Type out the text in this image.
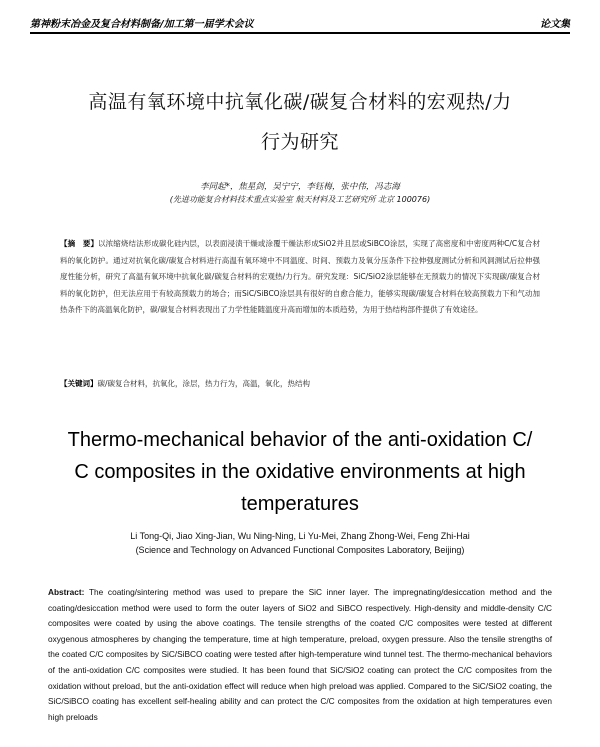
第神粉末冶金及复合材料制备/加工第一届学术会议	论文集
高温有氧环境中抗氧化碳/碳复合材料的宏观热/力
行为研究
李同起*，焦星剑，吴宁宁，李钰梅，张中伟，冯志海
(先进功能复合材料技术重点实验室 航天材料及工艺研究所 北京 100076)
【摘　要】以浓缩烧结法形成碳化硅内层，以表面浸渍干燥或涂覆干燥法形成SiO2并且层或SiBCO涂层，实现了高密度和中密度两种C/C复合材料的氧化防护。通过对抗氧化碳/碳复合材料进行高温有氧环境中不同温度、时间、预载力及氧分压条件下拉伸强度测试分析和风洞测试后拉伸强度性能分析，研究了高温有氧环境中抗氧化碳/碳复合材料的宏观热/力行为。研究发现：SiC/SiO2涂层能够在无预载力的情况下实现碳/碳复合材料的氧化防护，但无法应用于有较高预载力的场合；而SiC/SiBCO涂层具有很好的自愈合能力，能够实现碳/碳复合材料在较高预载力下和气动加热条件下的高温氧化防护，碳/碳复合材料表现出了力学性能随温度升高而增加的本质趋势，为用于热结构部件提供了有效途径。
【关键词】碳/碳复合材料，抗氧化，涂层，热力行为，高温，氧化，热结构
Thermo-mechanical behavior of the anti-oxidation C/
C composites in the oxidative environments at high
temperatures
Li Tong-Qi, Jiao Xing-Jian, Wu Ning-Ning, Li Yu-Mei, Zhang Zhong-Wei, Feng Zhi-Hai
(Science and Technology on Advanced Functional Composites Laboratory, Beijing)
Abstract: The coating/sintering method was used to prepare the SiC inner layer. The impregnating/desiccation method and the coating/desiccation method were used to form the outer layers of SiO2 and SiBCO respectively. High-density and middle-density C/C composites were coated by using the above coatings. The tensile strengths of the coated C/C composites were tested at different oxygenous atmospheres by changing the temperature, time at high temperature, preload, oxygen pressure. Also the tensile strengths of the coated C/C composites by SiC/SiBCO coating were tested after high-temperature wind tunnel test. The thermo-mechanical behaviors of the anti-oxidation C/C composites were studied. It has been found that SiC/SiO2 coating can protect the C/C composites from the oxidation without preload, but the anti-oxidation effect will reduce when high preload was applied. Compared to the SiC/SiO2 coating, the SiC/SiBCO coating has excellent self-healing ability and can protect the C/C composites from the oxidation at high temperatures even high preloads
